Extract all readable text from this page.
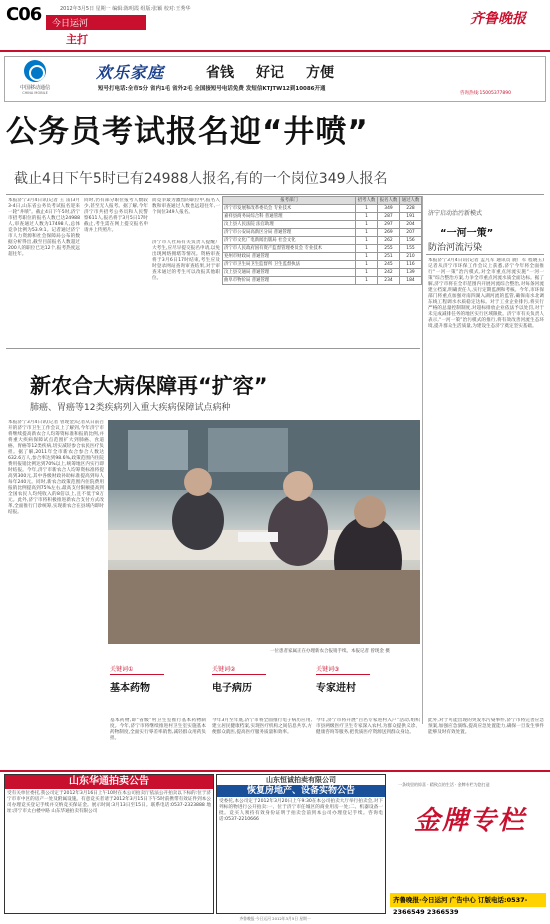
C06	2012年3月5日 星期一 编辑:陈明霞 组版:张颖 校对:王秀华
今日运河
主打
齐鲁晚报
中国移动通信
CHINA MOBILE
欢乐家庭	省钱 好记 方便
短号打电话:全市5分 省内1毛 省外2毛 全国接短号电话免费 发短信KTJTW12到10086开通
咨询热线:15005377890
公务员考试报名迎“井喷”
截止4日下午5时已有24988人报名,有的一个岗位349人报名
本报济宁3月4日讯(记者 王 雷)3月3-4日,山东省公务员考试报名迎来一轮“井喷”。截止4日下午5时,济宁市招考职位的报名人数已达24988人,审查通过人数为17498人,总体竞争比例为53.9:1。记者通过济宁市人力资源和社会保障局公布的数据分析得出,截至目前报名人数超过200人的职位已达12个,报考热度远超往年。
同时,仍有部分职位报考人数较少,甚至无人报考。据了解,今年济宁市共招考公务员和人民警察611人,报名将于3月5日17时截止,考生需在网上提交报名申请并上传照片。
而竞争最为激烈的职位中,报名人数和审查通过人数也远超往年,一个岗位349人报名。
济宁市人社局有关负责人提醒广大考生,应尽早提交报名申请,以免出现网络拥堵等情况。资格审查将于3月6日17时结束,考生应及时登录网站查询审查结果,对于审查未通过的考生可以改报其他职位。
报考部门	招考人数	报名人数	通过人数
济宁市发展和改革委员会 专业技术	1	349	228
嘉祥县商务局综合科 普通管理	1	287	191
汶上县人民法院 法官助理	1	297	204
济宁市公安局高新区分局 普通管理	1	269	207
济宁市文化广电新闻出版局 社会文化	1	262	156
济宁市人民政府国有资产监督管理委员会 专业技术	1	255	155
兖州市财政局 普通管理	1	251	210
济宁市卫生局卫生监督所 卫生监督执法	1	245	116
汶上县交通局 普通管理	1	242	139
曲阜市物价局 普通管理	1	234	184
济宁启动治污新模式
“一河一策”
防治河流污染
本报济宁3月4日讯(记者 孟凡军 通讯员 鹿广军 程晓玉)记者从济宁市环保工作会议上获悉,济宁今年将全面推行“一河一策”治污模式,对全市重点河流实施“一河一策”综合整治方案,力争全市重点河流水质全面达标。据了解,济宁市将在全市范围内开展河流综合整治,对每条河流建立档案,明确责任人,实行定期监测和考核。今年,市环保部门将重点加强对南四湖入湖河流的监管,确保南水北调东线工程调水水质稳定达标。对于工业企业排污,将实行严格的总量控制制度,对超标排放企业依法予以处罚,对于未完成减排任务的地区实行区域限批。济宁市有关负责人表示,“一河一策”治污模式的推行,将有效改善河流生态环境,提升群众生活质量,为建设生态济宁奠定坚实基础。
此外,对于可能出现的突发水污染事件,济宁市将完善应急预案,加强应急演练,提高应急处置能力,确保一旦发生事件能够及时有效处置。
新农合大病保障再“扩容”
肺癌、胃癌等12类疾病列入重大疾病保障试点病种
本报济宁3月4日讯(记者 曾现金)记者从日前召开的济宁市卫生工作会议上了解到,今年济宁市将继续提高新农合人均筹资标准和报销比例,并将重大疾病保障试点范围扩大到肺癌、食道癌、胃癌等12类疾病,切实减轻参合农民医疗负担。据了解,2011年全市新农合参合人数达632.6万人,参合率达到98.6%,政策范围内住院费用报销比例达到70%以上,统筹地区内实行即时结报。今年,济宁市新农合人均筹资标准将提高到300元,其中各级财政补助标准提高到每人每年240元。同时,新农合政策范围内住院费用报销比例提高到75%左右,最高支付限额提高到全国农民人均纯收入的8倍以上,且不低于8万元。此外,济宁市将积极推进新农合支付方式改革,全面推行门诊统筹,实现新农合在县域内即时结报。
一位患者家属正在办理新农合报销手续。本报记者 曾现金 摄
关键词①
基本药物
关键词②
电子病历
关键词③
专家进村
基本药物,即“省级”村卫生室推行基本药物制度。今年,济宁市将继续推进村卫生室实施基本药物制度,全面实行零差率销售,减轻群众用药负担。
今年3月至年底,济宁市将全面推行电子病历应用,建立居民健康档案,实现医疗机构之间信息共享,方便群众就医,提高医疗服务质量和效率。
今年,济宁市将开展“百名专家进村入户”活动,组织市县两级医疗卫生专家深入农村,为群众提供义诊、健康咨询等服务,把优质医疗资源送到群众身边。
山东华通拍卖公告
受有关单位委托,我公司定于2012年3月16日上午10时在本公司拍卖厅依法公开拍卖以下标的:位于济宁市市中区的房产一处及附属设施。有意竞买者请于2012年3月15日下午5时前携带有效证件到本公司办理竞买登记手续并交纳竞买保证金。展示时间:3月13日至15日。联系电话:0537-2323888 地址:济宁市太白楼中路 山东华通拍卖有限公司
山东恒诚拍卖有限公司
恢复房地产、设备实物公告
受委托,本公司定于2012年3月20日上午9:30在本公司拍卖大厅举行拍卖会,对下列标的物进行公开拍卖:一、位于济宁市任城区的商业用房一处;二、机器设备一批。竞买人须持有效身份证明于拍卖会前到本公司办理登记手续。咨询电话:0537-2210666
一条线里的惊喜 · 精致点的生活 · 金牌专栏为您打造
金牌专栏
齐鲁晚报·今日运河 广告中心 订版电话:0537-2366549 2366539
齐鲁晚报·今日运河 2012年3月5日 星期一
